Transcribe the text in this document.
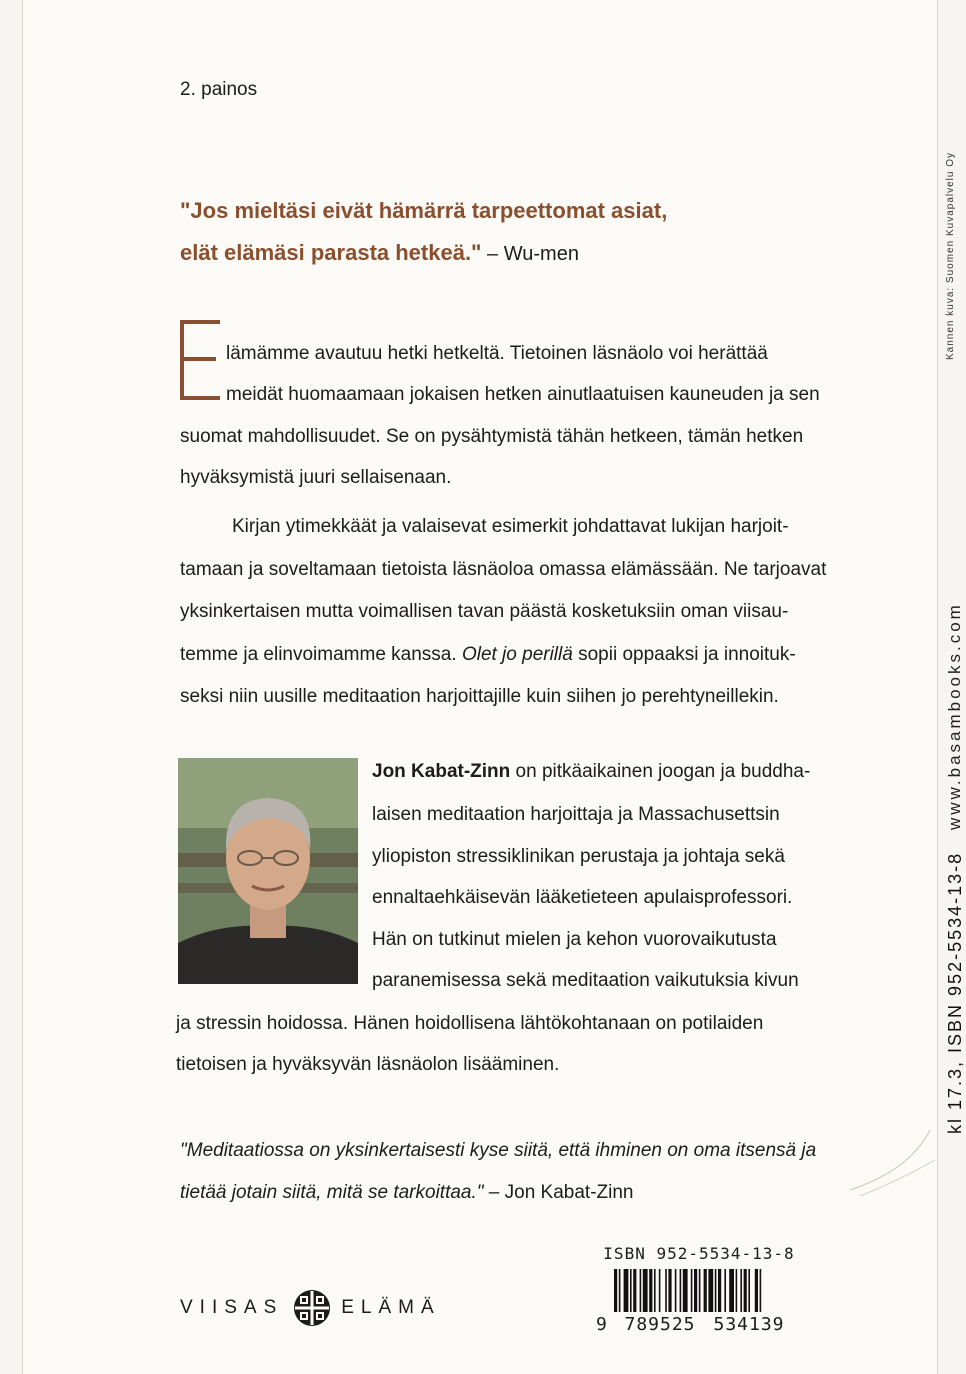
2. painos
"Jos mieltäsi eivät hämärrä tarpeettomat asiat,
elät elämäsi parasta hetkeä." – Wu-men
lämämme avautuu hetki hetkeltä. Tietoinen läsnäolo voi herättää
meidät huomaamaan jokaisen hetken ainutlaatuisen kauneuden ja sen
suomat mahdollisuudet. Se on pysähtymistä tähän hetkeen, tämän hetken
hyväksymistä juuri sellaisenaan.
Kirjan ytimekkäät ja valaisevat esimerkit johdattavat lukijan harjoit-
tamaan ja soveltamaan tietoista läsnäoloa omassa elämässään. Ne tarjoavat
yksinkertaisen mutta voimallisen tavan päästä kosketuksiin oman viisau-
temme ja elinvoimamme kanssa. Olet jo perillä sopii oppaaksi ja innoituk-
seksi niin uusille meditaation harjoittajille kuin siihen jo perehtyneillekin.
Jon Kabat-Zinn on pitkäaikainen joogan ja buddha-
laisen meditaation harjoittaja ja Massachusettsin
yliopiston stressiklinikan perustaja ja johtaja sekä
ennaltaehkäisevän lääketieteen apulaisprofessori.
Hän on tutkinut mielen ja kehon vuorovaikutusta
paranemisessa sekä meditaation vaikutuksia kivun
ja stressin hoidossa. Hänen hoidollisena lähtökohtanaan on potilaiden
tietoisen ja hyväksyvän läsnäolon lisääminen.
"Meditaatiossa on yksinkertaisesti kyse siitä, että ihminen on oma itsensä ja
tietää jotain siitä, mitä se tarkoittaa." – Jon Kabat-Zinn
VIISAS	ELÄMÄ
ISBN 952-5534-13-8
9 789525 534139
Kannen kuva: Suomen Kuvapalvelu Oy
www.basambooks.com
kl 17.3, ISBN 952-5534-13-8
